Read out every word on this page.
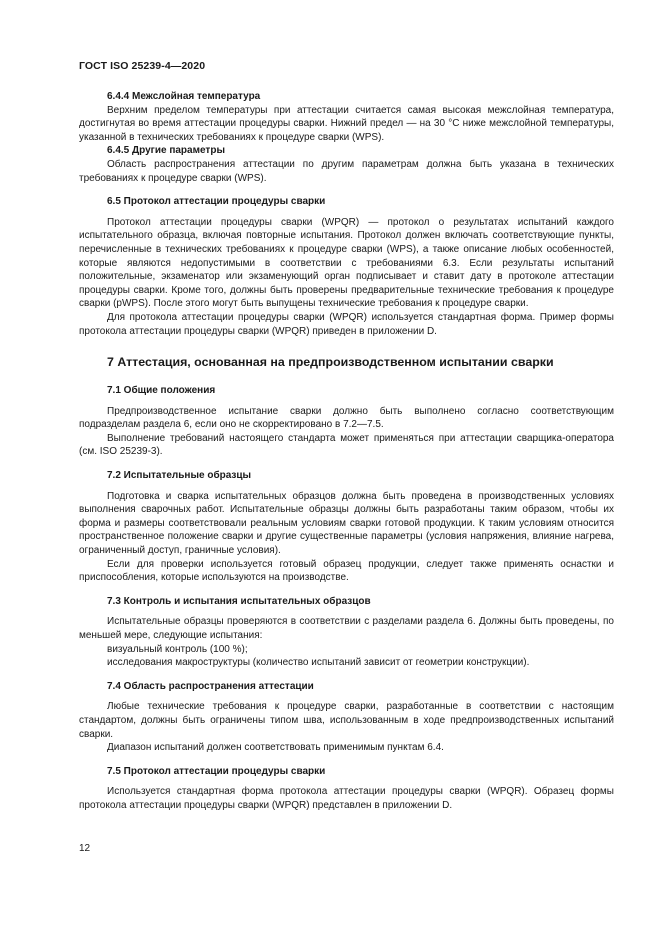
ГОСТ ISO 25239-4—2020
6.4.4 Межслойная температура

Верхним пределом температуры при аттестации считается самая высокая межслойная температура, достигнутая во время аттестации процедуры сварки. Нижний предел — на 30 °C ниже межслойной температуры, указанной в технических требованиях к процедуре сварки (WPS).

6.4.5 Другие параметры

Область распространения аттестации по другим параметрам должна быть указана в технических требованиях к процедуре сварки (WPS).

6.5 Протокол аттестации процедуры сварки

Протокол аттестации процедуры сварки (WPQR) — протокол о результатах испытаний каждого испытательного образца, включая повторные испытания. Протокол должен включать соответствующие пункты, перечисленные в технических требованиях к процедуре сварки (WPS), а также описание любых особенностей, которые являются недопустимыми в соответствии с требованиями 6.3. Если результаты испытаний положительные, экзаменатор или экзаменующий орган подписывает и ставит дату в протоколе аттестации процедуры сварки. Кроме того, должны быть проверены предварительные технические требования к процедуре сварки (pWPS). После этого могут быть выпущены технические требования к процедуре сварки.

Для протокола аттестации процедуры сварки (WPQR) используется стандартная форма. Пример формы протокола аттестации процедуры сварки (WPQR) приведен в приложении D.

7 Аттестация, основанная на предпроизводственном испытании сварки
7.1 Общие положения

Предпроизводственное испытание сварки должно быть выполнено согласно соответствующим подразделам раздела 6, если оно не скорректировано в 7.2—7.5.

Выполнение требований настоящего стандарта может применяться при аттестации сварщика-оператора (см. ISO 25239-3).

7.2 Испытательные образцы

Подготовка и сварка испытательных образцов должна быть проведена в производственных условиях выполнения сварочных работ. Испытательные образцы должны быть разработаны таким образом, чтобы их форма и размеры соответствовали реальным условиям сварки готовой продукции. К таким условиям относится пространственное положение сварки и другие существенные параметры (условия напряжения, влияние нагрева, ограниченный доступ, граничные условия).

Если для проверки используется готовый образец продукции, следует также применять оснастки и приспособления, которые используются на производстве.

7.3 Контроль и испытания испытательных образцов

Испытательные образцы проверяются в соответствии с разделами раздела 6. Должны быть проведены, по меньшей мере, следующие испытания:

визуальный контроль (100 %);

исследования макроструктуры (количество испытаний зависит от геометрии конструкции).

7.4 Область распространения аттестации

Любые технические требования к процедуре сварки, разработанные в соответствии с настоящим стандартом, должны быть ограничены типом шва, использованным в ходе предпроизводственных испытаний сварки.

Диапазон испытаний должен соответствовать применимым пунктам 6.4.

7.5 Протокол аттестации процедуры сварки

Используется стандартная форма протокола аттестации процедуры сварки (WPQR). Образец формы протокола аттестации процедуры сварки (WPQR) представлен в приложении D.

12
